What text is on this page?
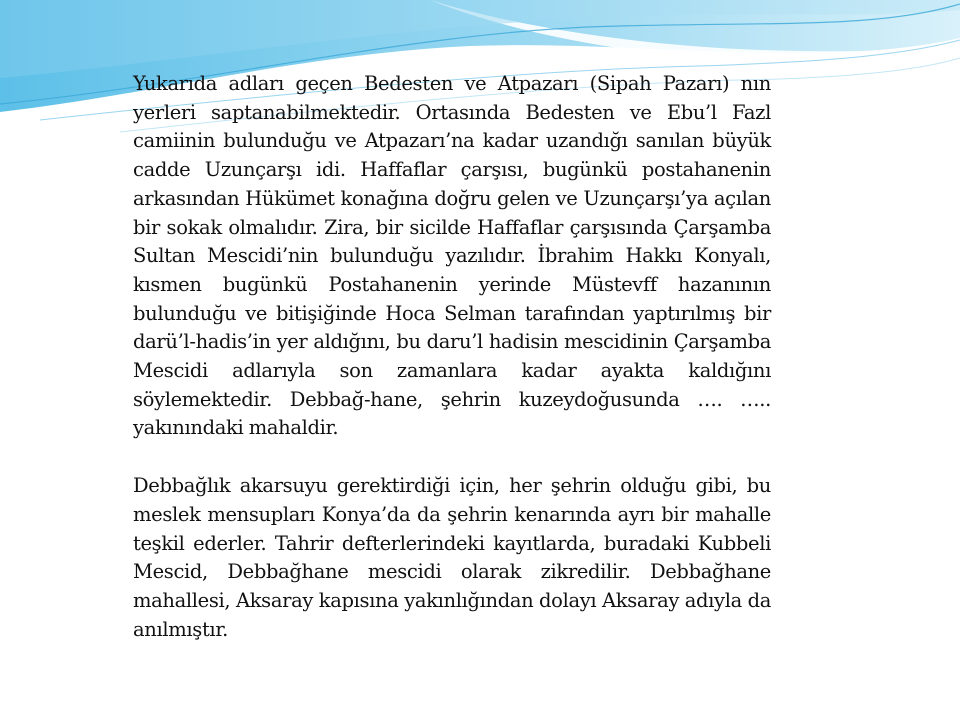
Yukarıda adları geçen Bedesten ve Atpazarı (Sipah Pazarı) nın yerleri saptanabilmektedir. Ortasında Bedesten ve Ebu’l Fazl camiinin bulunduğu ve Atpazarı’na kadar uzandığı sanılan büyük cadde Uzunçarşı idi. Haffaflar çarşısı, bugünkü postahanenin arkasından Hükümet konağına doğru gelen ve Uzunçarşı’ya açılan bir sokak olmalıdır. Zira, bir sicilde Haffaflar çarşısında Çarşamba Sultan Mescidi’nin bulunduğu yazılıdır. İbrahim Hakkı Konyalı, kısmen bugünkü Postahanenin yerinde Müstevff hazanının bulunduğu ve bitişiğinde Hoca Selman tarafından yaptırılmış bir darü’l-hadis’in yer aldığını, bu daru’l hadisin mescidinin Çarşamba Mescidi adlarıyla son zamanlara kadar ayakta kaldığını söylemektedir. Debbağ-hane, şehrin kuzeydoğusunda …. ….. yakınındaki mahaldir.

Debbağlık akarsuyu gerektirdiği için, her şehrin olduğu gibi, bu meslek mensupları Konya’da da şehrin kenarında ayrı bir mahalle teşkil ederler. Tahrir defterlerindeki kayıtlarda, buradaki Kubbeli Mescid, Debbağhane mescidi olarak zikredilir. Debbağhane mahallesi, Aksaray kapısına yakınlığından dolayı Aksaray adıyla da anılmıştır.
